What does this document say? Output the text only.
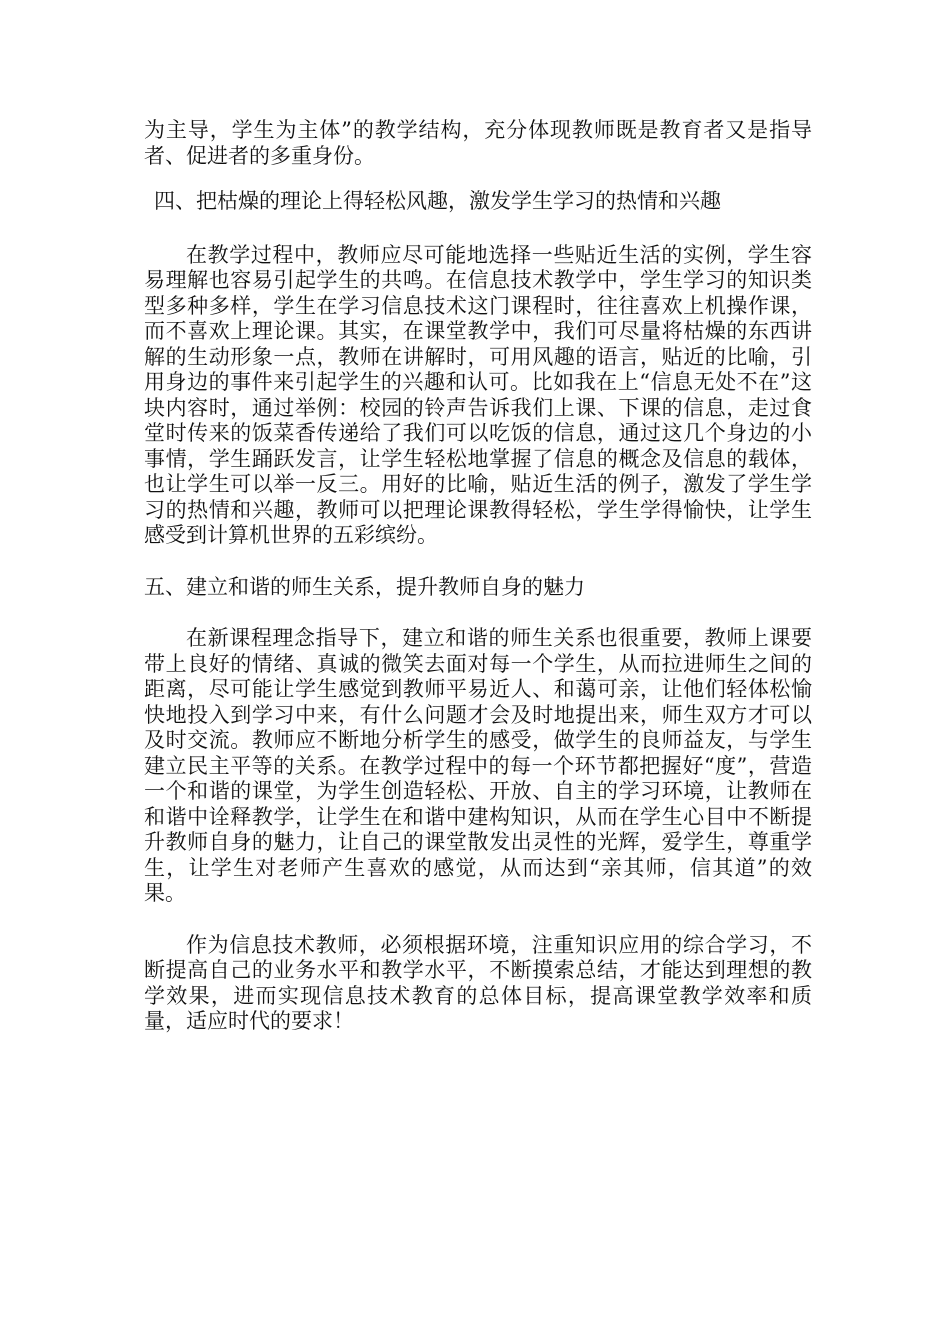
为主导，学生为主体”的教学结构，充分体现教师既是教育者又是指导者、促进者的多重身份。

四、把枯燥的理论上得轻松风趣，激发学生学习的热情和兴趣

在教学过程中，教师应尽可能地选择一些贴近生活的实例，学生容易理解也容易引起学生的共鸣。在信息技术教学中，学生学习的知识类型多种多样，学生在学习信息技术这门课程时，往往喜欢上机操作课，而不喜欢上理论课。其实，在课堂教学中，我们可尽量将枯燥的东西讲解的生动形象一点，教师在讲解时，可用风趣的语言，贴近的比喻，引用身边的事件来引起学生的兴趣和认可。比如我在上“信息无处不在”这块内容时，通过举例：校园的铃声告诉我们上课、下课的信息，走过食堂时传来的饭菜香传递给了我们可以吃饭的信息，通过这几个身边的小事情，学生踊跃发言，让学生轻松地掌握了信息的概念及信息的载体，也让学生可以举一反三。用好的比喻，贴近生活的例子，激发了学生学习的热情和兴趣，教师可以把理论课教得轻松，学生学得愉快，让学生感受到计算机世界的五彩缤纷。

五、建立和谐的师生关系，提升教师自身的魅力

在新课程理念指导下，建立和谐的师生关系也很重要，教师上课要带上良好的情绪、真诚的微笑去面对每一个学生，从而拉进师生之间的距离，尽可能让学生感觉到教师平易近人、和蔼可亲，让他们轻体松愉快地投入到学习中来，有什么问题才会及时地提出来，师生双方才可以及时交流。教师应不断地分析学生的感受，做学生的良师益友，与学生建立民主平等的关系。在教学过程中的每一个环节都把握好“度”，营造一个和谐的课堂，为学生创造轻松、开放、自主的学习环境，让教师在和谐中诠释教学，让学生在和谐中建构知识，从而在学生心目中不断提升教师自身的魅力，让自己的课堂散发出灵性的光辉，爱学生，尊重学生，让学生对老师产生喜欢的感觉，从而达到“亲其师，信其道”的效果。

作为信息技术教师，必须根据环境，注重知识应用的综合学习，不断提高自己的业务水平和教学水平，不断摸索总结，才能达到理想的教学效果，进而实现信息技术教育的总体目标，提高课堂教学效率和质量，适应时代的要求！
